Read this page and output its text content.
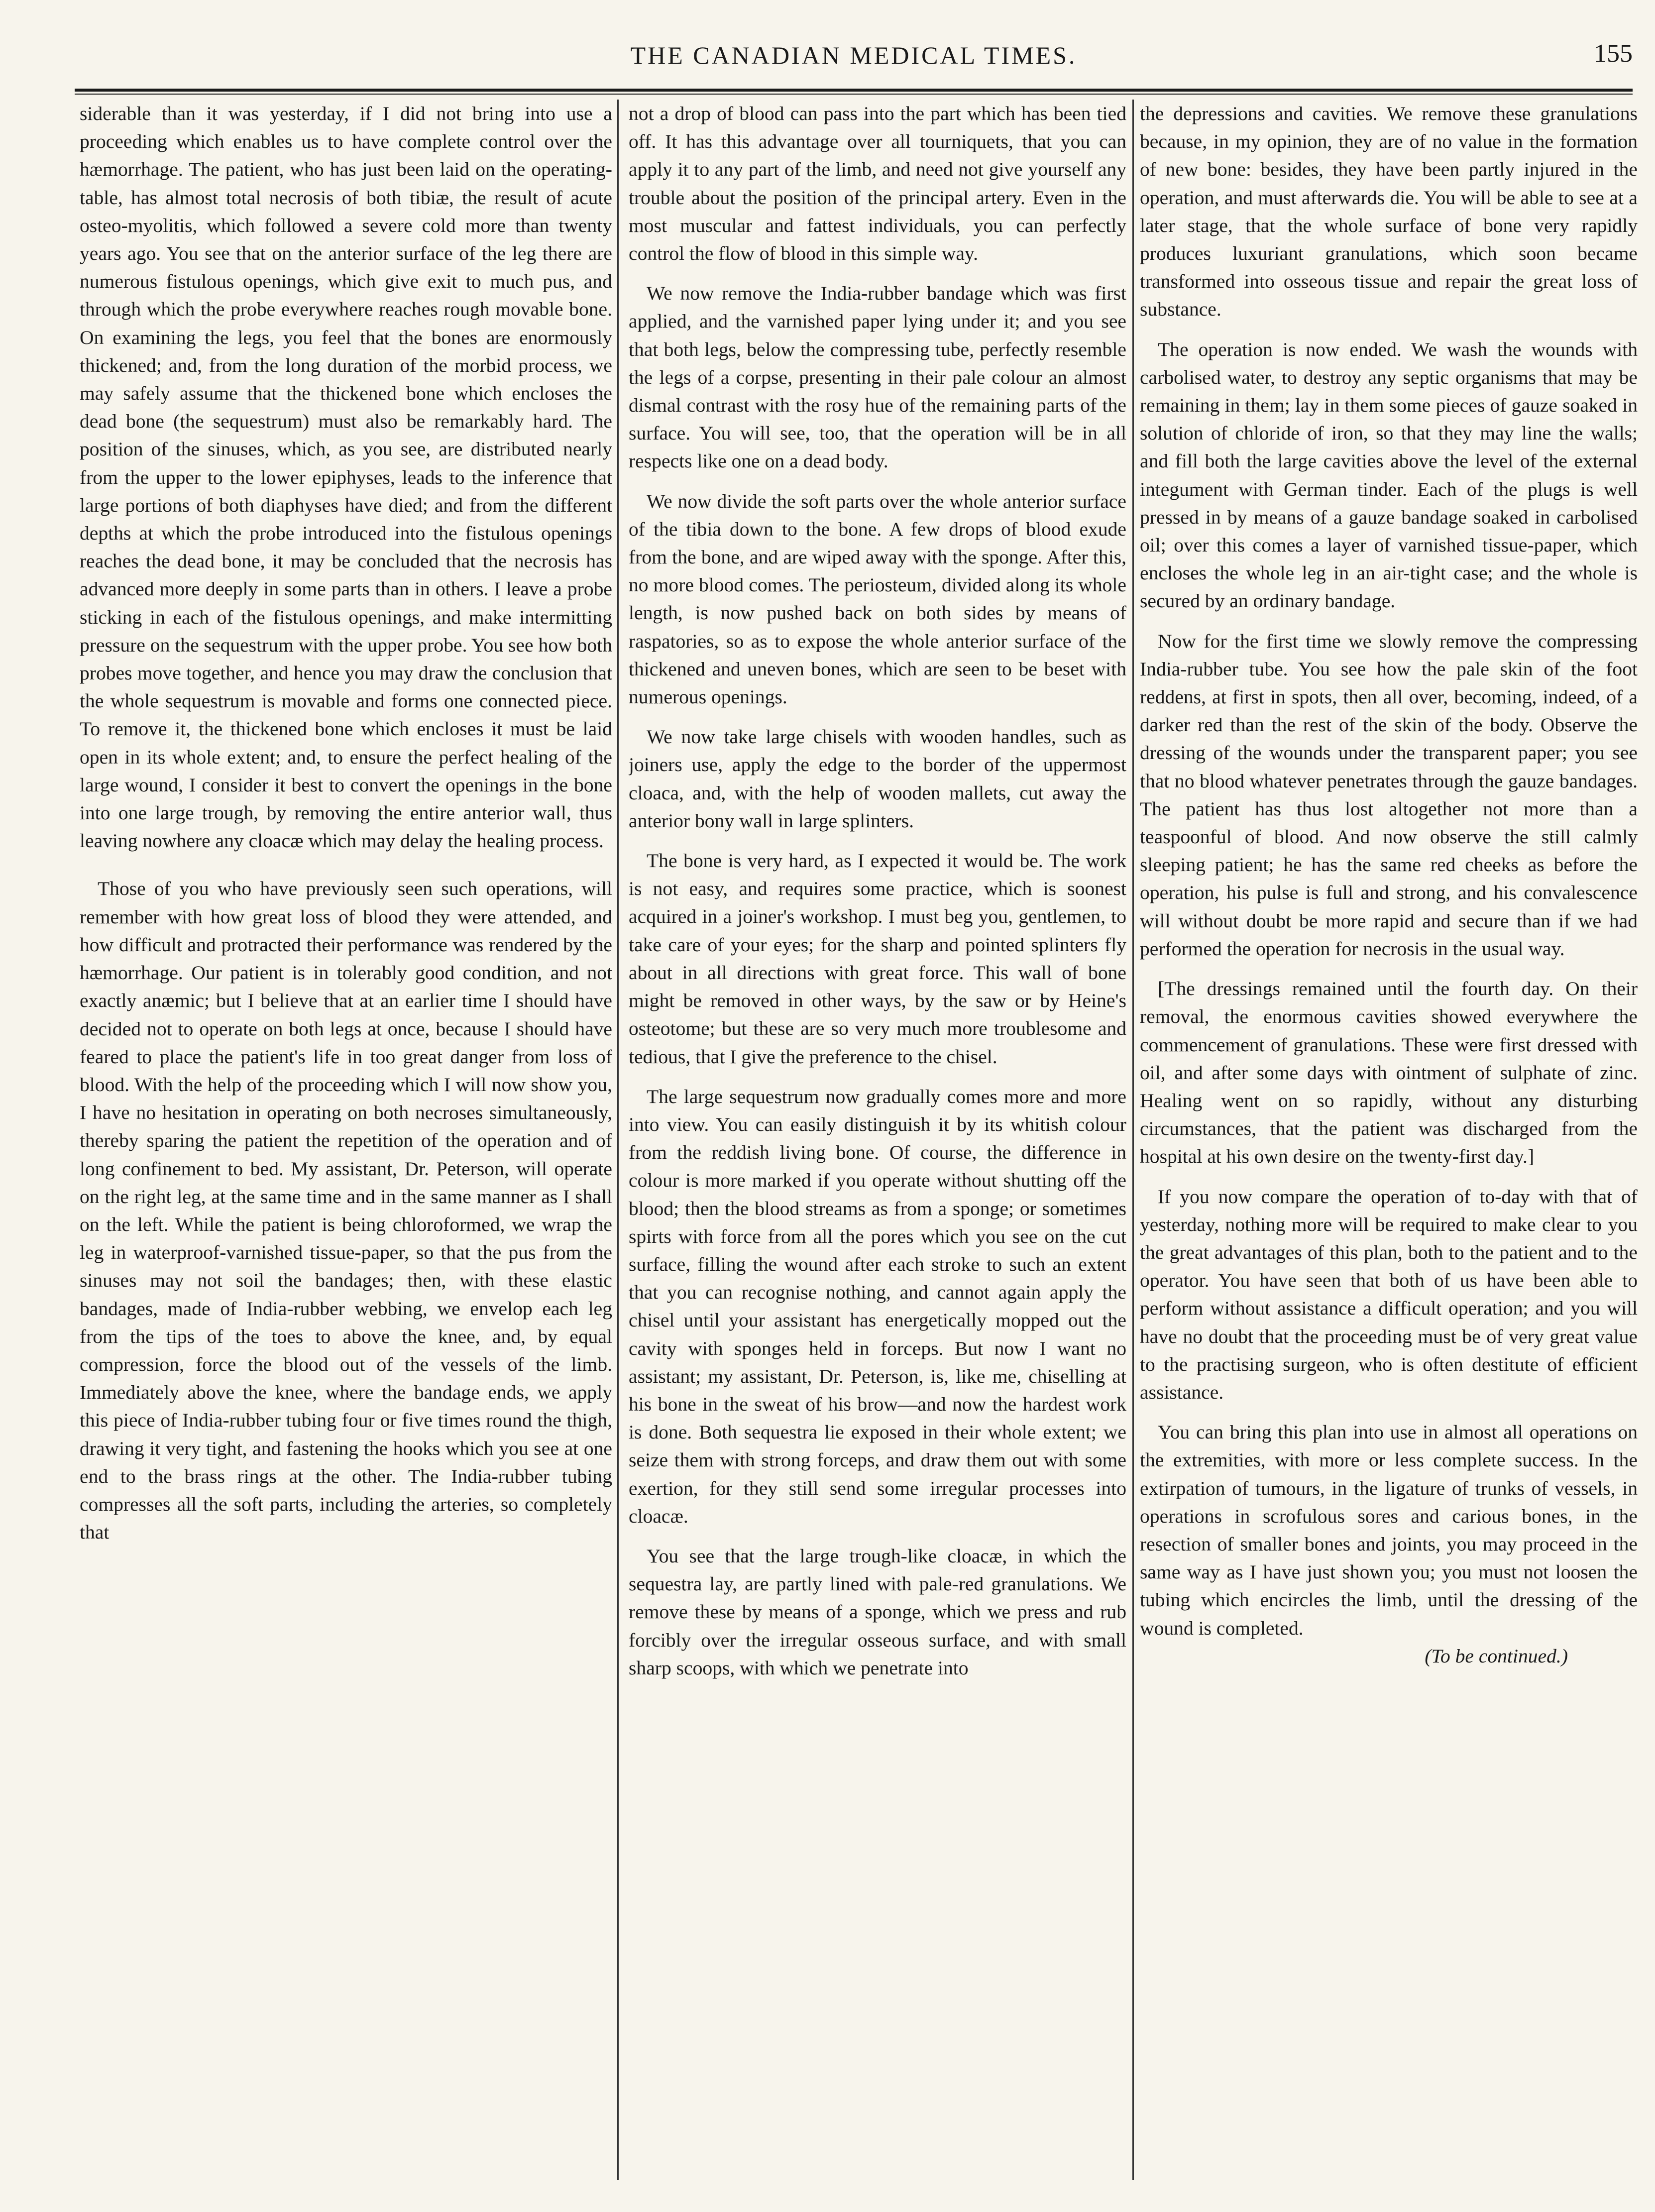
THE CANADIAN MEDICAL TIMES.	155

siderable than it was yesterday, if I did not bring into use a proceeding which enables us to have complete control over the hæmorrhage. The patient, who has just been laid on the operating-table, has almost total necrosis of both tibiæ, the result of acute osteo-myolitis, which followed a severe cold more than twenty years ago. You see that on the anterior surface of the leg there are numerous fistulous openings, which give exit to much pus, and through which the probe everywhere reaches rough movable bone. On examining the legs, you feel that the bones are enormously thickened; and, from the long duration of the morbid process, we may safely assume that the thickened bone which encloses the dead bone (the sequestrum) must also be remarkably hard. The position of the sinuses, which, as you see, are distributed nearly from the upper to the lower epiphyses, leads to the inference that large portions of both diaphyses have died; and from the different depths at which the probe introduced into the fistulous openings reaches the dead bone, it may be concluded that the necrosis has advanced more deeply in some parts than in others. I leave a probe sticking in each of the fistulous openings, and make intermitting pressure on the sequestrum with the upper probe. You see how both probes move together, and hence you may draw the conclusion that the whole sequestrum is movable and forms one connected piece. To remove it, the thickened bone which encloses it must be laid open in its whole extent; and, to ensure the perfect healing of the large wound, I consider it best to convert the openings in the bone into one large trough, by removing the entire anterior wall, thus leaving nowhere any cloacæ which may delay the healing process.

Those of you who have previously seen such operations, will remember with how great loss of blood they were attended, and how difficult and protracted their performance was rendered by the hæmorrhage. Our patient is in tolerably good condition, and not exactly anæmic; but I believe that at an earlier time I should have decided not to operate on both legs at once, because I should have feared to place the patient's life in too great danger from loss of blood. With the help of the proceeding which I will now show you, I have no hesitation in operating on both necroses simultaneously, thereby sparing the patient the repetition of the operation and of long confinement to bed. My assistant, Dr. Peterson, will operate on the right leg, at the same time and in the same manner as I shall on the left. While the patient is being chloroformed, we wrap the leg in waterproof-varnished tissue-paper, so that the pus from the sinuses may not soil the bandages; then, with these elastic bandages, made of India-rubber webbing, we envelop each leg from the tips of the toes to above the knee, and, by equal compression, force the blood out of the vessels of the limb. Immediately above the knee, where the bandage ends, we apply this piece of India-rubber tubing four or five times round the thigh, drawing it very tight, and fastening the hooks which you see at one end to the brass rings at the other. The India-rubber tubing compresses all the soft parts, including the arteries, so completely that

not a drop of blood can pass into the part which has been tied off. It has this advantage over all tourniquets, that you can apply it to any part of the limb, and need not give yourself any trouble about the position of the principal artery. Even in the most muscular and fattest individuals, you can perfectly control the flow of blood in this simple way.

We now remove the India-rubber bandage which was first applied, and the varnished paper lying under it; and you see that both legs, below the compressing tube, perfectly resemble the legs of a corpse, presenting in their pale colour an almost dismal contrast with the rosy hue of the remaining parts of the surface. You will see, too, that the operation will be in all respects like one on a dead body.

We now divide the soft parts over the whole anterior surface of the tibia down to the bone. A few drops of blood exude from the bone, and are wiped away with the sponge. After this, no more blood comes. The periosteum, divided along its whole length, is now pushed back on both sides by means of raspatories, so as to expose the whole anterior surface of the thickened and uneven bones, which are seen to be beset with numerous openings.

We now take large chisels with wooden handles, such as joiners use, apply the edge to the border of the uppermost cloaca, and, with the help of wooden mallets, cut away the anterior bony wall in large splinters.

The bone is very hard, as I expected it would be. The work is not easy, and requires some practice, which is soonest acquired in a joiner's workshop. I must beg you, gentlemen, to take care of your eyes; for the sharp and pointed splinters fly about in all directions with great force. This wall of bone might be removed in other ways, by the saw or by Heine's osteotome; but these are so very much more troublesome and tedious, that I give the preference to the chisel.

The large sequestrum now gradually comes more and more into view. You can easily distinguish it by its whitish colour from the reddish living bone. Of course, the difference in colour is more marked if you operate without shutting off the blood; then the blood streams as from a sponge; or sometimes spirts with force from all the pores which you see on the cut surface, filling the wound after each stroke to such an extent that you can recognise nothing, and cannot again apply the chisel until your assistant has energetically mopped out the cavity with sponges held in forceps. But now I want no assistant; my assistant, Dr. Peterson, is, like me, chiselling at his bone in the sweat of his brow—and now the hardest work is done. Both sequestra lie exposed in their whole extent; we seize them with strong forceps, and draw them out with some exertion, for they still send some irregular processes into cloacæ.

You see that the large trough-like cloacæ, in which the sequestra lay, are partly lined with pale-red granulations. We remove these by means of a sponge, which we press and rub forcibly over the irregular osseous surface, and with small sharp scoops, with which we penetrate into

the depressions and cavities. We remove these granulations because, in my opinion, they are of no value in the formation of new bone: besides, they have been partly injured in the operation, and must afterwards die. You will be able to see at a later stage, that the whole surface of bone very rapidly produces luxuriant granulations, which soon became transformed into osseous tissue and repair the great loss of substance.

The operation is now ended. We wash the wounds with carbolised water, to destroy any septic organisms that may be remaining in them; lay in them some pieces of gauze soaked in solution of chloride of iron, so that they may line the walls; and fill both the large cavities above the level of the external integument with German tinder. Each of the plugs is well pressed in by means of a gauze bandage soaked in carbolised oil; over this comes a layer of varnished tissue-paper, which encloses the whole leg in an air-tight case; and the whole is secured by an ordinary bandage.

Now for the first time we slowly remove the compressing India-rubber tube. You see how the pale skin of the foot reddens, at first in spots, then all over, becoming, indeed, of a darker red than the rest of the skin of the body. Observe the dressing of the wounds under the transparent paper; you see that no blood whatever penetrates through the gauze bandages. The patient has thus lost altogether not more than a teaspoonful of blood. And now observe the still calmly sleeping patient; he has the same red cheeks as before the operation, his pulse is full and strong, and his convalescence will without doubt be more rapid and secure than if we had performed the operation for necrosis in the usual way.

[The dressings remained until the fourth day. On their removal, the enormous cavities showed everywhere the commencement of granulations. These were first dressed with oil, and after some days with ointment of sulphate of zinc. Healing went on so rapidly, without any disturbing circumstances, that the patient was discharged from the hospital at his own desire on the twenty-first day.]

If you now compare the operation of to-day with that of yesterday, nothing more will be required to make clear to you the great advantages of this plan, both to the patient and to the operator. You have seen that both of us have been able to perform without assistance a difficult operation; and you will have no doubt that the proceeding must be of very great value to the practising surgeon, who is often destitute of efficient assistance.

You can bring this plan into use in almost all operations on the extremities, with more or less complete success. In the extirpation of tumours, in the ligature of trunks of vessels, in operations in scrofulous sores and carious bones, in the resection of smaller bones and joints, you may proceed in the same way as I have just shown you; you must not loosen the tubing which encircles the limb, until the dressing of the wound is completed.

(To be continued.)
